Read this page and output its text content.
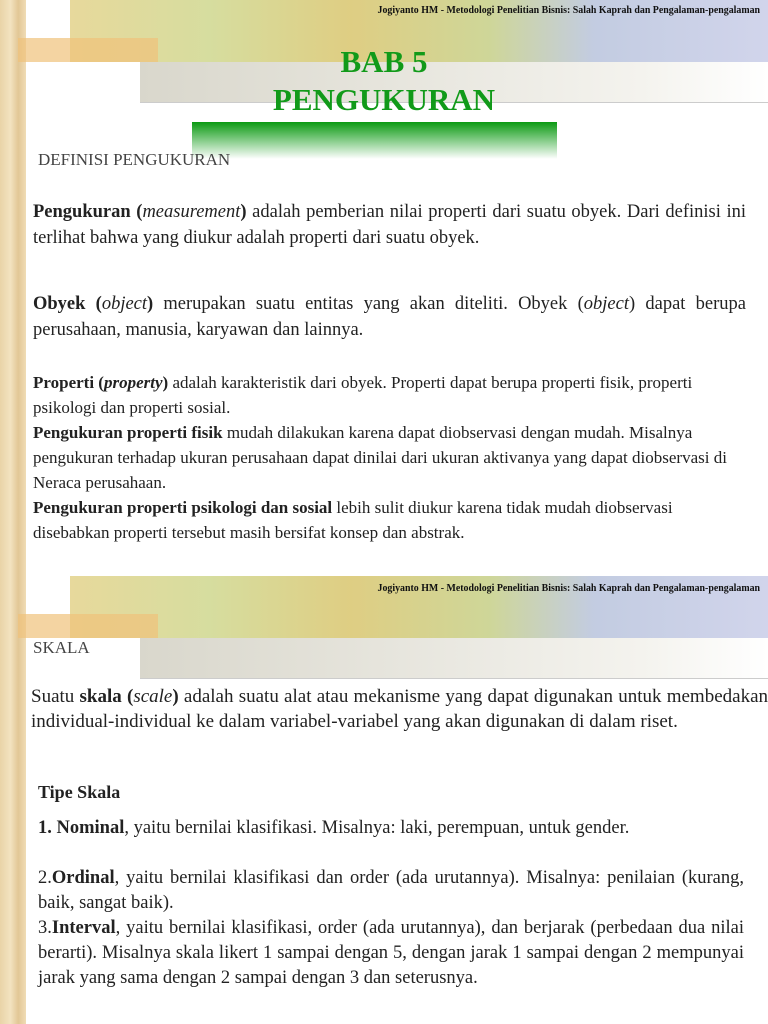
Jogiyanto HM - Metodologi Penelitian Bisnis: Salah Kaprah dan Pengalaman-pengalaman
BAB 5
PENGUKURAN
DEFINISI PENGUKURAN
Pengukuran (measurement) adalah pemberian nilai properti dari suatu obyek. Dari definisi ini terlihat bahwa yang diukur adalah properti dari suatu obyek.
Obyek (object) merupakan suatu entitas yang akan diteliti. Obyek (object) dapat berupa perusahaan, manusia, karyawan dan lainnya.
Properti (property) adalah karakteristik dari obyek. Properti dapat berupa properti fisik, properti psikologi dan properti sosial.
Pengukuran properti fisik mudah dilakukan karena dapat diobservasi dengan mudah. Misalnya pengukuran terhadap ukuran perusahaan dapat dinilai dari ukuran aktivanya yang dapat diobservasi di Neraca perusahaan.
Pengukuran properti psikologi dan sosial lebih sulit diukur karena tidak mudah diobservasi disebabkan properti tersebut masih bersifat konsep dan abstrak.
Jogiyanto HM - Metodologi Penelitian Bisnis: Salah Kaprah dan Pengalaman-pengalaman
SKALA
Suatu skala (scale) adalah suatu alat atau mekanisme yang dapat digunakan untuk membedakan individual-individual ke dalam variabel-variabel yang akan digunakan di dalam riset.
Tipe Skala
1. Nominal, yaitu bernilai klasifikasi. Misalnya: laki, perempuan, untuk gender.
2.Ordinal, yaitu bernilai klasifikasi dan order (ada urutannya). Misalnya: penilaian (kurang, baik, sangat baik).
3.Interval, yaitu bernilai klasifikasi, order (ada urutannya), dan berjarak (perbedaan dua nilai berarti). Misalnya skala likert 1 sampai dengan 5, dengan jarak 1 sampai dengan 2 mempunyai jarak yang sama dengan 2 sampai dengan 3 dan seterusnya.
